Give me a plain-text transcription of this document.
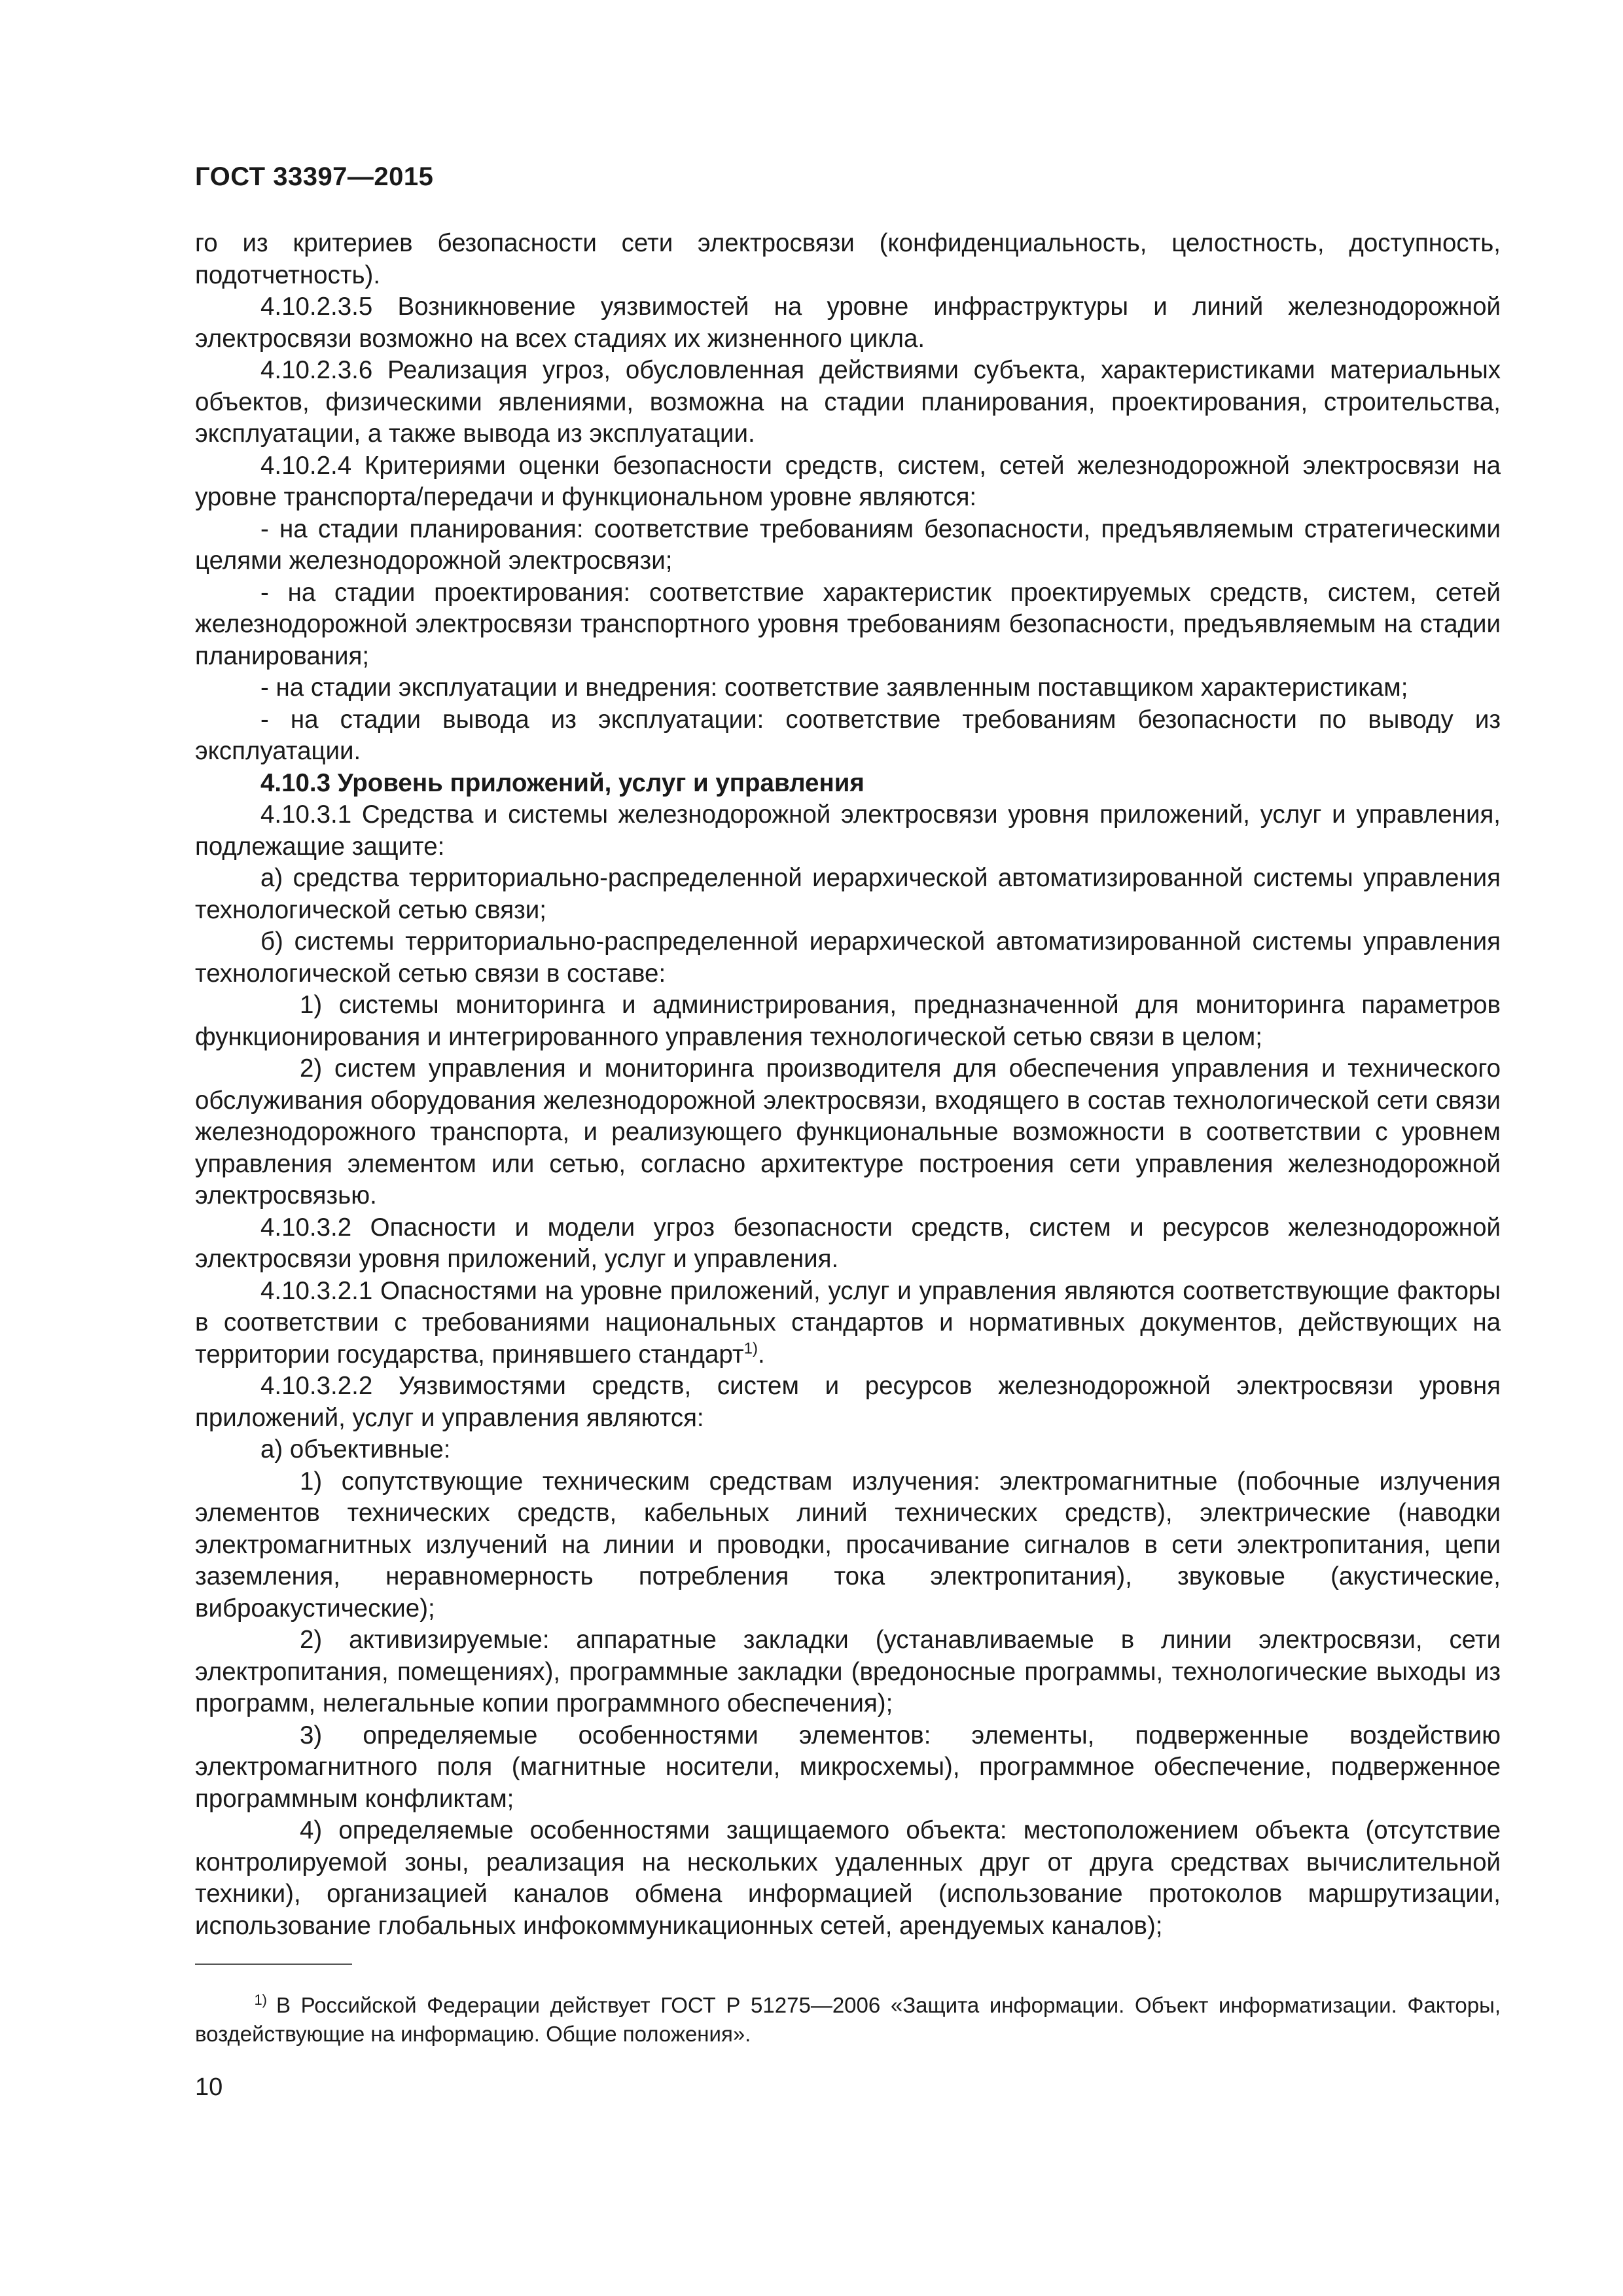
ГОСТ 33397—2015

го из критериев безопасности сети электросвязи (конфиденциальность, целостность, доступность, подотчетность).

4.10.2.3.5 Возникновение уязвимостей на уровне инфраструктуры и линий железнодорожной электросвязи возможно на всех стадиях их жизненного цикла.

4.10.2.3.6 Реализация угроз, обусловленная действиями субъекта, характеристиками материальных объектов, физическими явлениями, возможна на стадии планирования, проектирования, строительства, эксплуатации, а также вывода из эксплуатации.

4.10.2.4 Критериями оценки безопасности средств, систем, сетей железнодорожной электросвязи на уровне транспорта/передачи и функциональном уровне являются:

- на стадии планирования: соответствие требованиям безопасности, предъявляемым стратегическими целями железнодорожной электросвязи;

- на стадии проектирования: соответствие характеристик проектируемых средств, систем, сетей железнодорожной электросвязи транспортного уровня требованиям безопасности, предъявляемым на стадии планирования;

- на стадии эксплуатации и внедрения: соответствие заявленным поставщиком характеристикам;

- на стадии вывода из эксплуатации: соответствие требованиям безопасности по выводу из эксплуатации.

4.10.3 Уровень приложений, услуг и управления

4.10.3.1 Средства и системы железнодорожной электросвязи уровня приложений, услуг и управления, подлежащие защите:

а) средства территориально-распределенной иерархической автоматизированной системы управления технологической сетью связи;

б) системы территориально-распределенной иерархической автоматизированной системы управления технологической сетью связи в составе:

1) системы мониторинга и администрирования, предназначенной для мониторинга параметров функционирования и интегрированного управления технологической сетью связи в целом;

2) систем управления и мониторинга производителя для обеспечения управления и технического обслуживания оборудования железнодорожной электросвязи, входящего в состав технологической сети связи железнодорожного транспорта, и реализующего функциональные возможности в соответствии с уровнем управления элементом или сетью, согласно архитектуре построения сети управления железнодорожной электросвязью.

4.10.3.2 Опасности и модели угроз безопасности средств, систем и ресурсов железнодорожной электросвязи уровня приложений, услуг и управления.

4.10.3.2.1 Опасностями на уровне приложений, услуг и управления являются соответствующие факторы в соответствии с требованиями национальных стандартов и нормативных документов, действующих на территории государства, принявшего стандарт$^{1)}$.

4.10.3.2.2 Уязвимостями средств, систем и ресурсов железнодорожной электросвязи уровня приложений, услуг и управления являются:

а) объективные:

1) сопутствующие техническим средствам излучения: электромагнитные (побочные излучения элементов технических средств, кабельных линий технических средств), электрические (наводки электромагнитных излучений на линии и проводки, просачивание сигналов в сети электропитания, цепи заземления, неравномерность потребления тока электропитания), звуковые (акустические, виброакустические);

2) активизируемые: аппаратные закладки (устанавливаемые в линии электросвязи, сети электропитания, помещениях), программные закладки (вредоносные программы, технологические выходы из программ, нелегальные копии программного обеспечения);

3) определяемые особенностями элементов: элементы, подверженные воздействию электромагнитного поля (магнитные носители, микросхемы), программное обеспечение, подверженное программным конфликтам;

4) определяемые особенностями защищаемого объекта: местоположением объекта (отсутствие контролируемой зоны, реализация на нескольких удаленных друг от друга средствах вычислительной техники), организацией каналов обмена информацией (использование протоколов маршрутизации, использование глобальных инфокоммуникационных сетей, арендуемых каналов);

$^{1)}$ В Российской Федерации действует ГОСТ Р 51275—2006 «Защита информации. Объект информатизации. Факторы, воздействующие на информацию. Общие положения».
10
